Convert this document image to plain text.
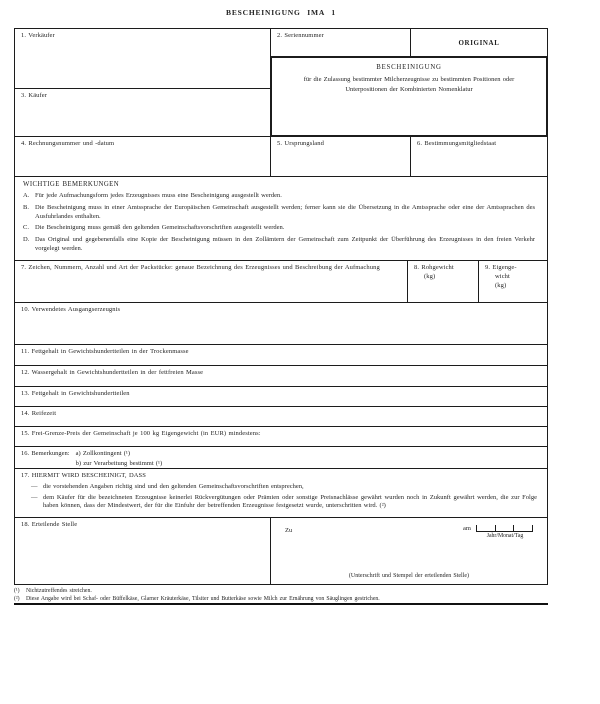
BESCHEINIGUNG IMA 1
1. Verkäufer	2. Seriennummer
ORIGINAL
BESCHEINIGUNG
für die Zulassung bestimmter Milcherzeugnisse zu bestimmten Positionen oder Unterpositionen der Kombinierten Nomenklatur
3. Käufer
4. Rechnungsnummer und -datum	5. Ursprungsland	6. Bestimmungsmitgliedstaat
WICHTIGE BEMERKUNGEN
A. Für jede Aufmachungsform jedes Erzeugnisses muss eine Bescheinigung ausgestellt werden.
B. Die Bescheinigung muss in einer Amtssprache der Europäischen Gemeinschaft ausgestellt werden; ferner kann sie die Übersetzung in die Amtssprache oder eine der Amtssprachen des Ausfuhrlandes enthalten.
C. Die Bescheinigung muss gemäß den geltenden Gemeinschaftsvorschriften ausgestellt werden.
D. Das Original und gegebenenfalls eine Kopie der Bescheinigung müssen in den Zollämtern der Gemeinschaft zum Zeitpunkt der Überführung des Erzeugnisses in den freien Verkehr vorgelegt werden.
7. Zeichen, Nummern, Anzahl und Art der Packstücke: genaue Bezeichnung des Erzeugnisses und Beschreibung der Aufmachung	8. Rohgewicht
(kg)
9. Eigenge-
wicht
(kg)
10. Verwendetes Ausgangserzeugnis
11. Fettgehalt in Gewichtshundertteilen in der Trockenmasse
12. Wassergehalt in Gewichtshundertteilen in der fettfreien Masse
13. Fettgehalt in Gewichtshundertteilen
14. Reifezeit
15. Frei-Grenze-Preis der Gemeinschaft je 100 kg Eigengewicht (in EUR) mindestens:
16. Bemerkungen: a) Zollkontingent (¹)
b) zur Verarbeitung bestimmt (¹)
17. HIERMIT WIRD BESCHEINIGT, DASS
— die vorstehenden Angaben richtig sind und den geltenden Gemeinschaftsvorschriften entsprechen,
— dem Käufer für die bezeichneten Erzeugnisse keinerlei Rückvergütungen oder Prämien oder sonstige Preisnachlässe gewährt wurden noch in Zukunft gewährt werden, die zur Folge haben können, dass der Mindestwert, der für die Einfuhr der betreffenden Erzeugnisse festgesetzt wurde, unterschritten wird. (²)
18. Erteilende Stelle
Zu	am
Jahr/Monat/Tag
(Unterschrift und Stempel der erteilenden Stelle)
(¹)	Nichtzutreffendes streichen.
(²)	Diese Angabe wird bei Schaf- oder Büffelkäse, Glarner Kräuterkäse, Tilsiter und Butterkäse sowie Milch zur Ernährung von Säuglingen gestrichen.
